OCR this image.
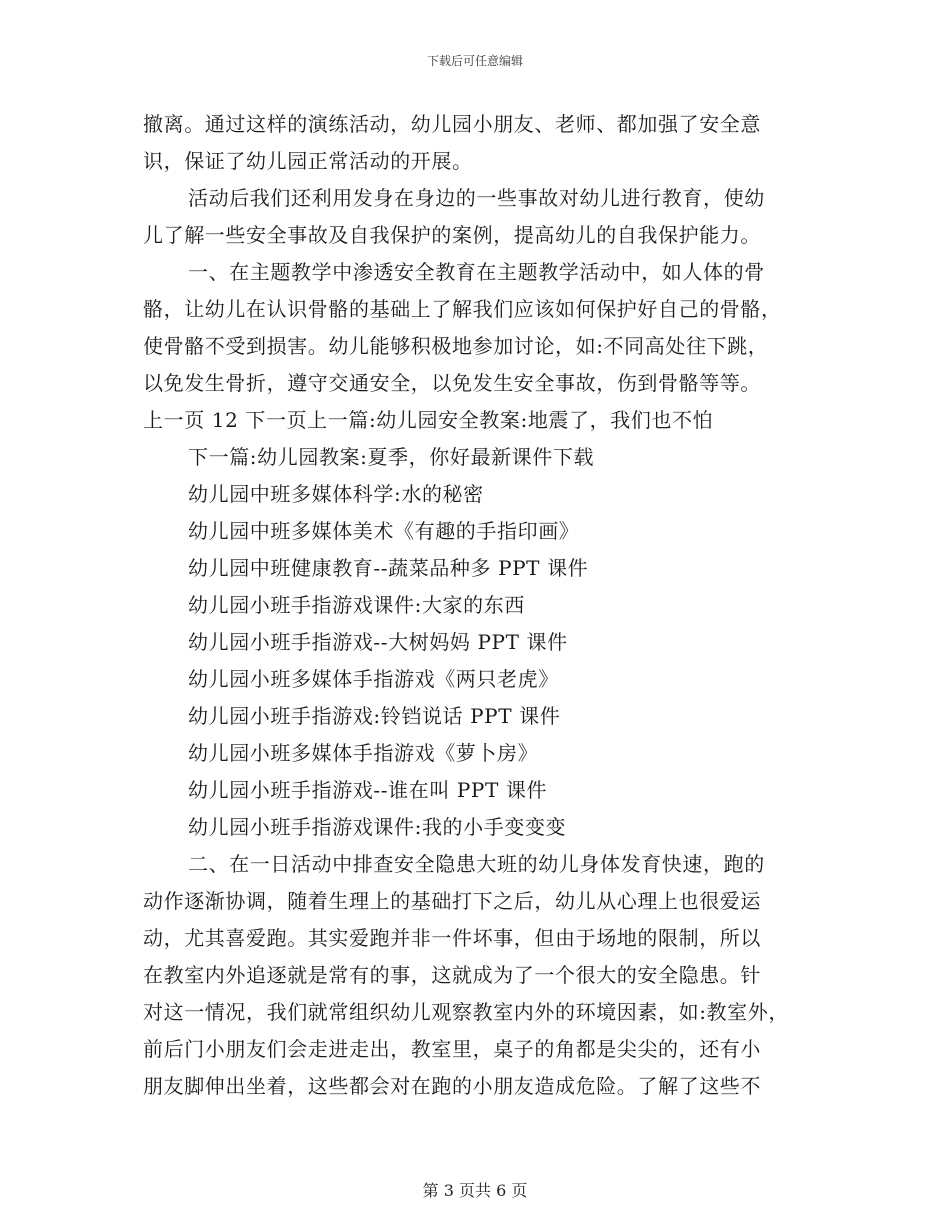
下载后可任意编辑
撤离。通过这样的演练活动，幼儿园小朋友、老师、都加强了安全意
识，保证了幼儿园正常活动的开展。
活动后我们还利用发身在身边的一些事故对幼儿进行教育，使幼
儿了解一些安全事故及自我保护的案例，提高幼儿的自我保护能力。
一、在主题教学中渗透安全教育在主题教学活动中，如人体的骨
骼，让幼儿在认识骨骼的基础上了解我们应该如何保护好自己的骨骼，
使骨骼不受到损害。幼儿能够积极地参加讨论，如:不同高处往下跳，
以免发生骨折，遵守交通安全，以免发生安全事故，伤到骨骼等等。
上一页 12 下一页上一篇:幼儿园安全教案:地震了，我们也不怕
下一篇:幼儿园教案:夏季，你好最新课件下载
幼儿园中班多媒体科学:水的秘密
幼儿园中班多媒体美术《有趣的手指印画》
幼儿园中班健康教育--蔬菜品种多 PPT 课件
幼儿园小班手指游戏课件:大家的东西
幼儿园小班手指游戏--大树妈妈 PPT 课件
幼儿园小班多媒体手指游戏《两只老虎》
幼儿园小班手指游戏:铃铛说话 PPT 课件
幼儿园小班多媒体手指游戏《萝卜房》
幼儿园小班手指游戏--谁在叫 PPT 课件
幼儿园小班手指游戏课件:我的小手变变变
二、在一日活动中排查安全隐患大班的幼儿身体发育快速，跑的
动作逐渐协调，随着生理上的基础打下之后，幼儿从心理上也很爱运
动，尤其喜爱跑。其实爱跑并非一件坏事，但由于场地的限制，所以
在教室内外追逐就是常有的事，这就成为了一个很大的安全隐患。针
对这一情况，我们就常组织幼儿观察教室内外的环境因素，如:教室外，
前后门小朋友们会走进走出，教室里，桌子的角都是尖尖的，还有小
朋友脚伸出坐着，这些都会对在跑的小朋友造成危险。了解了这些不
第 3 页共 6 页
